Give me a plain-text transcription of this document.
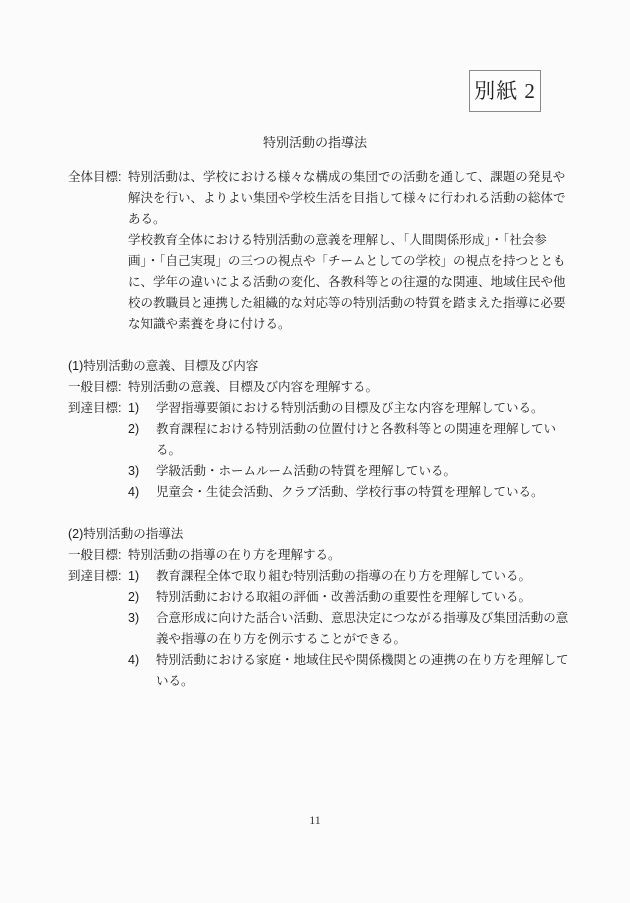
別紙 2
特別活動の指導法
全体目標: 特別活動は、学校における様々な構成の集団での活動を通して、課題の発見や解決を行い、よりよい集団や学校生活を目指して様々に行われる活動の総体である。

学校教育全体における特別活動の意義を理解し、「人間関係形成」・「社会参画」・「自己実現」の三つの視点や「チームとしての学校」の視点を持つとともに、学年の違いによる活動の変化、各教科等との往還的な関連、地域住民や他校の教職員と連携した組織的な対応等の特別活動の特質を踏まえた指導に必要な知識や素養を身に付ける。

(1)特別活動の意義、目標及び内容
一般目標: 特別活動の意義、目標及び内容を理解する。
到達目標: 1)	学習指導要領における特別活動の目標及び主な内容を理解している。
2)	教育課程における特別活動の位置付けと各教科等との関連を理解している。
3)	学級活動・ホームルーム活動の特質を理解している。
4)	児童会・生徒会活動、クラブ活動、学校行事の特質を理解している。
(2)特別活動の指導法
一般目標: 特別活動の指導の在り方を理解する。
到達目標: 1)	教育課程全体で取り組む特別活動の指導の在り方を理解している。
2)	特別活動における取組の評価・改善活動の重要性を理解している。
3)	合意形成に向けた話合い活動、意思決定につながる指導及び集団活動の意義や指導の在り方を例示することができる。
4)	特別活動における家庭・地域住民や関係機関との連携の在り方を理解している。
11
